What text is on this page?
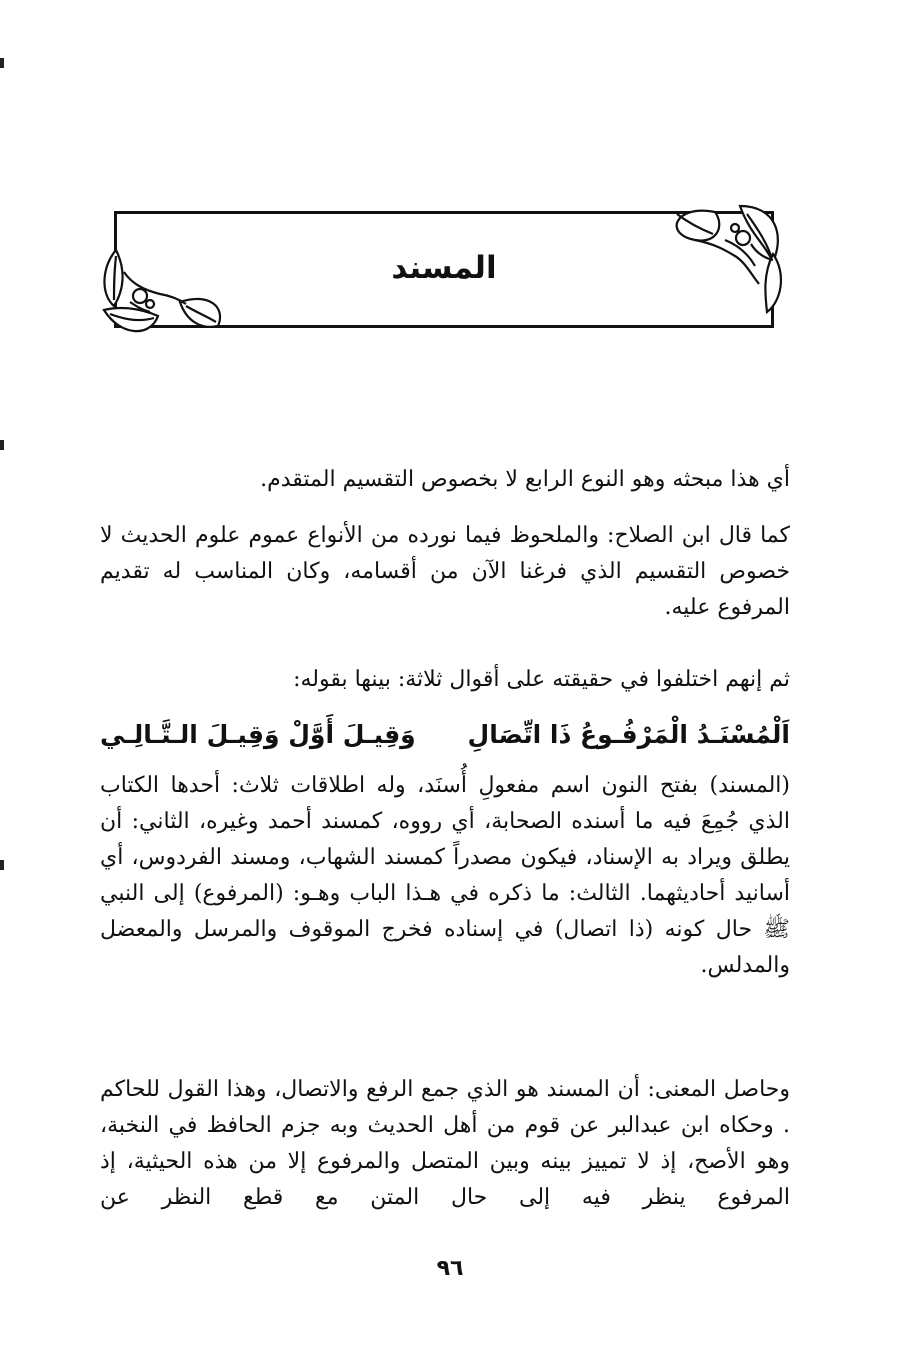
المسند
أي هذا مبحثه وهو النوع الرابع لا بخصوص التقسيم المتقدم.
كما قال ابن الصلاح: والملحوظ فيما نورده من الأنواع عموم علوم الحديث لا خصوص التقسيم الذي فرغنا الآن من أقسامه، وكان المناسب له تقديم المرفوع عليه.
ثم إنهم اختلفوا في حقيقته على أقوال ثلاثة: بينها بقوله:
اَلْمُسْنَـدُ الْمَرْفُـوعُ ذَا اتِّصَالِ
وَقِيـلَ أَوَّلْ وَقِيـلَ الـتَّـالِـي
(المسند) بفتح النون اسم مفعولِ أُسنَد، وله اطلاقات ثلاث: أحدها الكتاب الذي جُمِعَ فيه ما أسنده الصحابة، أي رووه، كمسند أحمد وغيره، الثاني: أن يطلق ويراد به الإسناد، فيكون مصدراً كمسند الشهاب، ومسند الفردوس، أي أسانيد أحاديثهما. الثالث: ما ذكره في هـذا الباب وهـو: (المرفوع) إلى النبي ﷺ حال كونه (ذا اتصال) في إسناده فخرج الموقوف والمرسل والمعضل والمدلس.
وحاصل المعنى: أن المسند هو الذي جمع الرفع والاتصال، وهذا القول للحاكم . وحكاه ابن عبدالبر عن قوم من أهل الحديث وبه جزم الحافظ في النخبة، وهو الأصح، إذ لا تمييز بينه وبين المتصل والمرفوع إلا من هذه الحيثية، إذ المرفوع ينظر فيه إلى حال المتن مع قطع النظر عن
٩٦
